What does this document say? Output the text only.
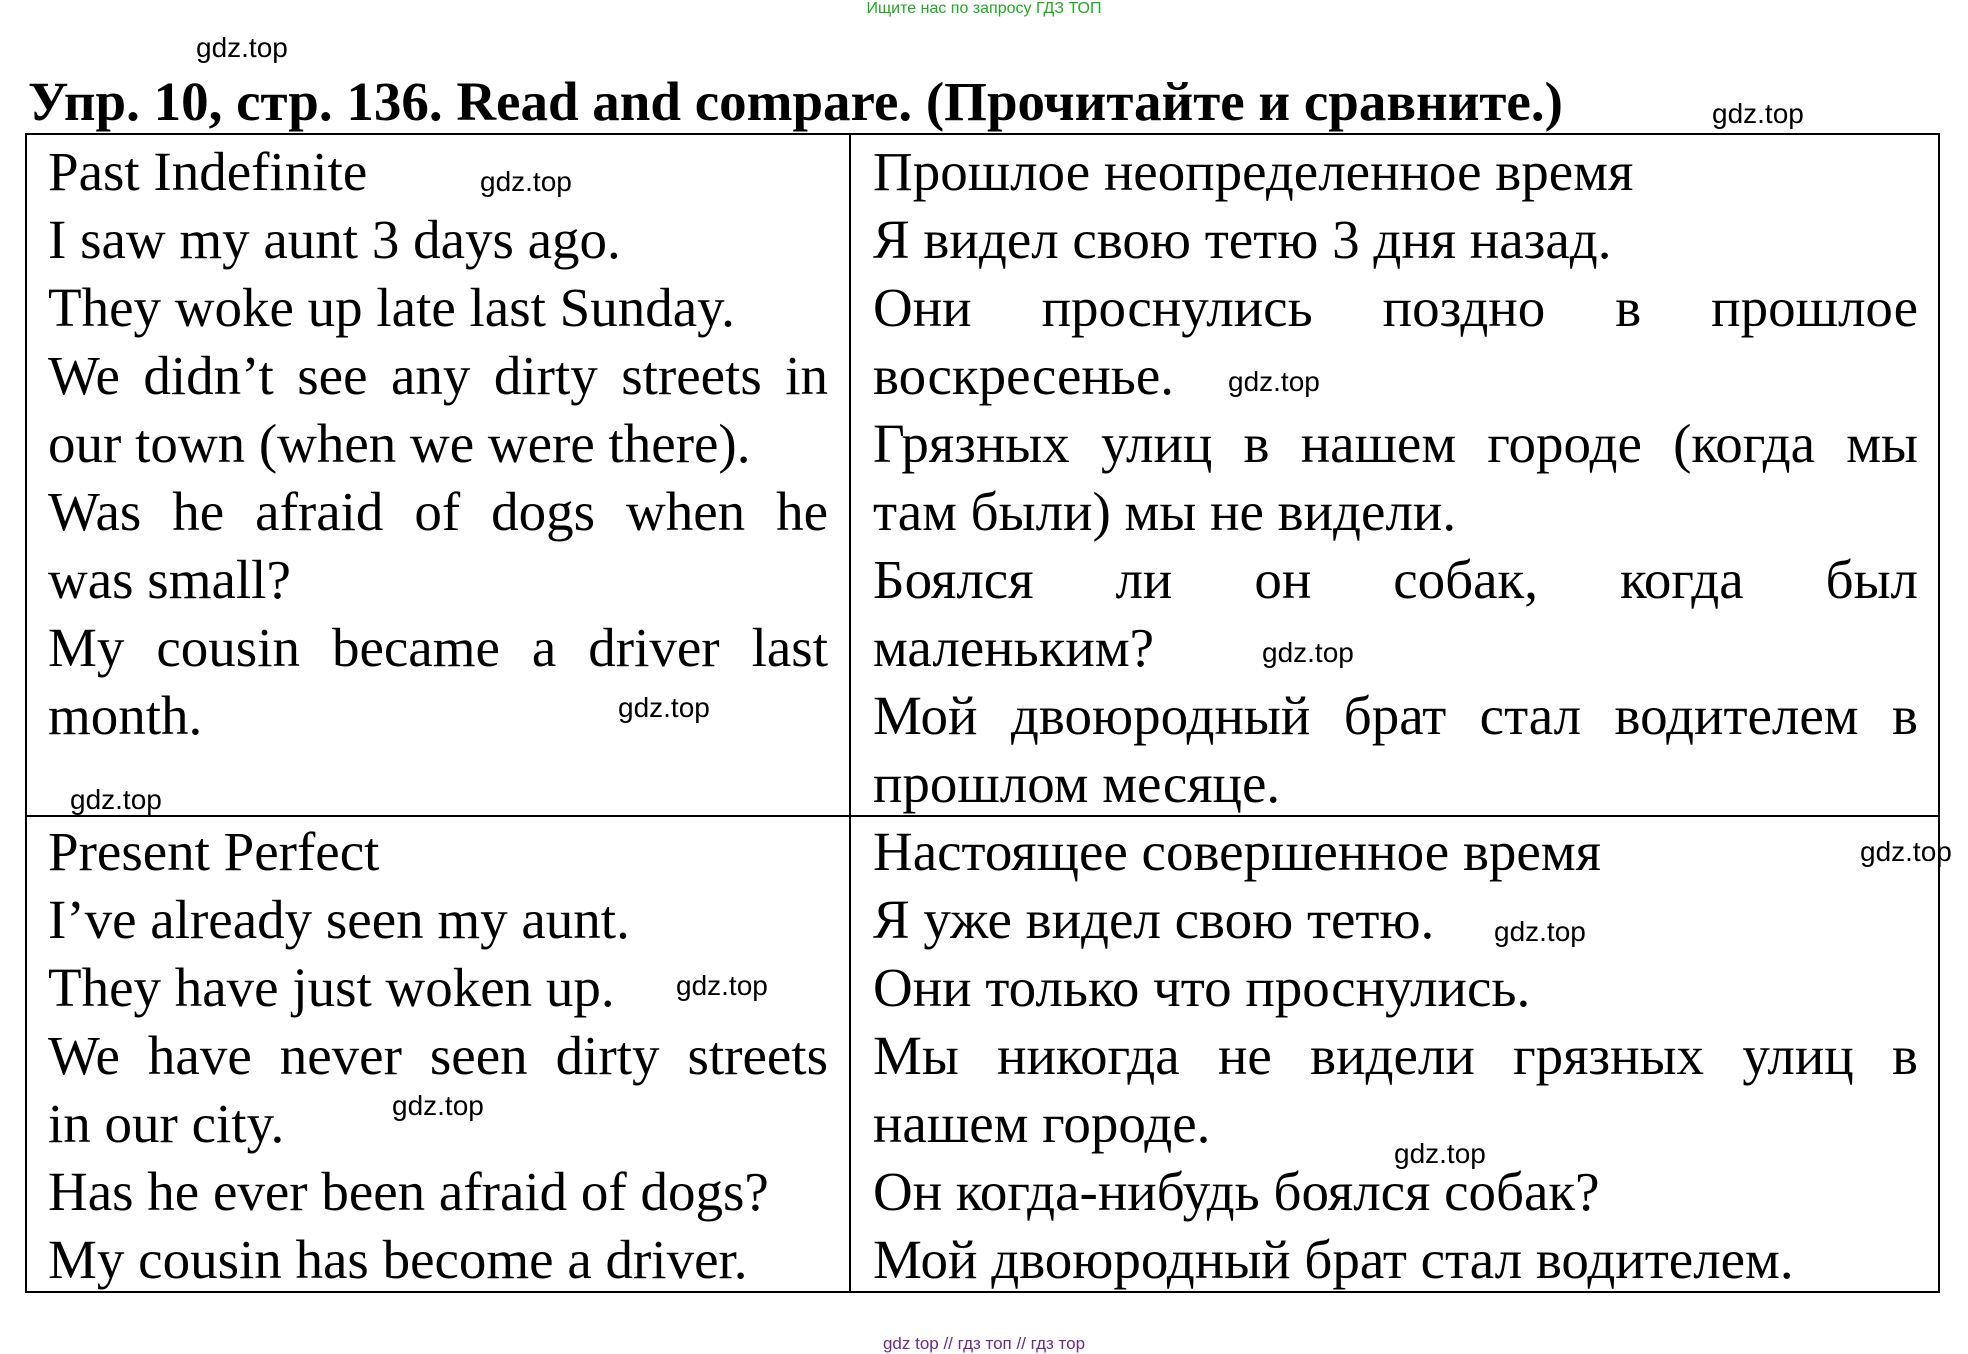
Ищите нас по запросу ГДЗ ТОП
gdz.top
Упр. 10, стр. 136. Read and compare. (Прочитайте и сравните.)	gdz.top
Past Indefinite
I saw my aunt 3 days ago.
They woke up late last Sunday.
We didn’t see any dirty streets in
our town (when we were there).
Was he afraid of dogs when he
was small?
My cousin became a driver last
month.
Прошлое неопределенное время
Я видел свою тетю 3 дня назад.
Они проснулись поздно в прошлое
воскресенье.
Грязных улиц в нашем городе (когда мы
там были) мы не видели.
Боялся ли он собак, когда был
маленьким?
Мой двоюродный брат стал водителем в
прошлом месяце.
Present Perfect
I’ve already seen my aunt.
They have just woken up.
We have never seen dirty streets
in our city.
Has he ever been afraid of dogs?
My cousin has become a driver.
Настоящее совершенное время
Я уже видел свою тетю.
Они только что проснулись.
Мы никогда не видели грязных улиц в
нашем городе.
Он когда-нибудь боялся собак?
Мой двоюродный брат стал водителем.
gdz.top
gdz.top
gdz.top
gdz.top
gdz.top
gdz.top
gdz.top
gdz.top
gdz.top
gdz.top
gdz top // гдз топ // гдз тор
